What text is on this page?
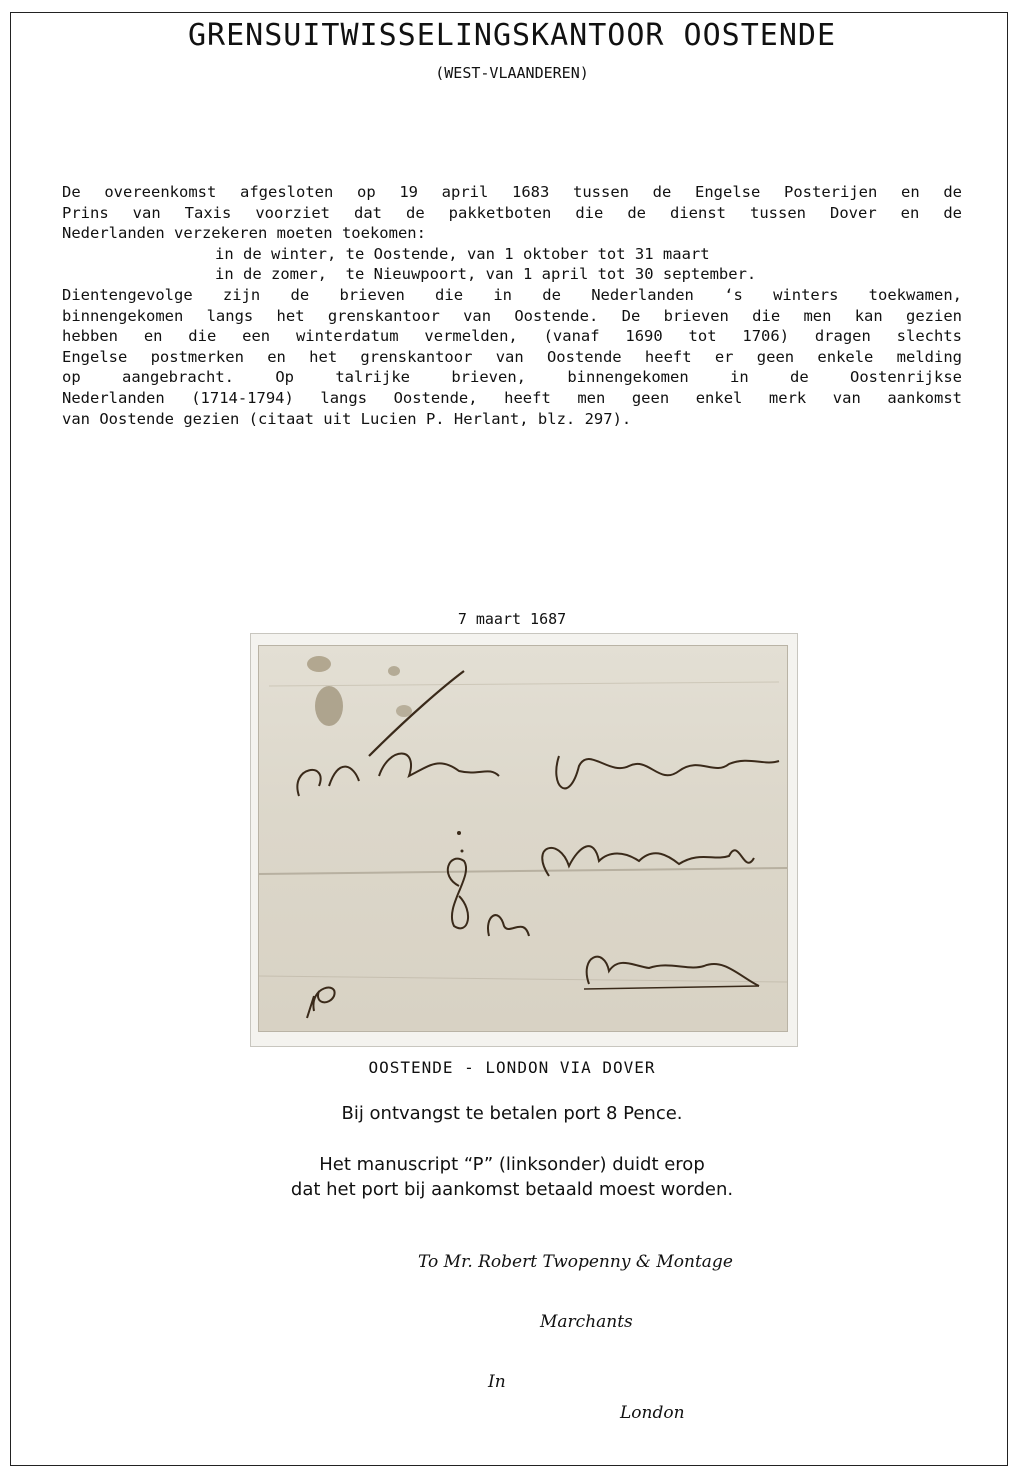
GRENSUITWISSELINGSKANTOOR OOSTENDE
(WEST-VLAANDEREN)
De overeenkomst afgesloten op 19 april 1683 tussen de Engelse Posterijen en de
Prins van Taxis voorziet dat de pakketboten die de dienst tussen Dover en de
Nederlanden verzekeren moeten toekomen:
in de winter, te Oostende, van 1 oktober tot 31 maart
in de zomer,  te Nieuwpoort, van 1 april tot 30 september.
Dientengevolge zijn de brieven die in de Nederlanden ‘s winters toekwamen,
binnengekomen langs het grenskantoor van Oostende. De brieven die men kan gezien
hebben en die een winterdatum vermelden, (vanaf 1690 tot 1706) dragen slechts
Engelse postmerken en het grenskantoor van Oostende heeft er geen enkele melding
op aangebracht. Op talrijke brieven, binnengekomen in de Oostenrijkse
Nederlanden (1714-1794) langs Oostende, heeft men geen enkel merk van aankomst
van Oostende gezien (citaat uit Lucien P. Herlant, blz. 297).
7 maart 1687
OOSTENDE - LONDON VIA DOVER
Bij ontvangst te betalen port 8 Pence.
Het manuscript “P” (linksonder) duidt erop
dat het port bij aankomst betaald moest worden.
To Mr. Robert Twopenny & Montage
Marchants
In
London
